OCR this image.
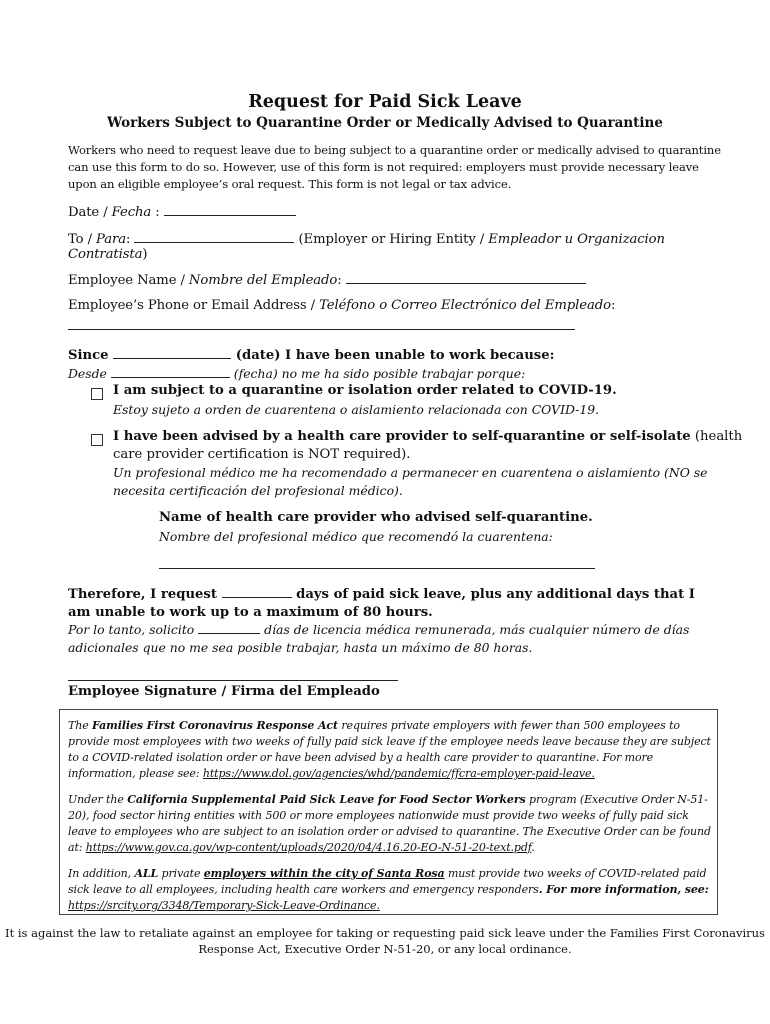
Request for Paid Sick Leave
Workers Subject to Quarantine Order or Medically Advised to Quarantine
Workers who need to request leave due to being subject to a quarantine order or medically advised to quarantine can use this form to do so. However, use of this form is not required: employers must provide necessary leave upon an eligible employee’s oral request. This form is not legal or tax advice.
Date / Fecha :
To / Para:	(Employer or Hiring Entity / Empleador u Organizacion
Contratista)
Employee Name / Nombre del Empleado:
Employee’s Phone or Email Address / Teléfono o Correo Electrónico del Empleado:
Since	(date) I have been unable to work because:
Desde	(fecha) no me ha sido posible trabajar porque:
I am subject to a quarantine or isolation order related to COVID-19.
Estoy sujeto a orden de cuarentena o aislamiento relacionada con COVID-19.
I have been advised by a health care provider to self-quarantine or self-isolate (health
care provider certification is NOT required).
Un profesional médico me ha recomendado a permanecer en cuarentena o aislamiento (NO se
necesita certificación del profesional médico).
Name of health care provider who advised self-quarantine.
Nombre del profesional médico que recomendó la cuarentena:
Therefore, I request	days of paid sick leave, plus any additional days that I am unable to work up to a maximum of 80 hours.
Por lo tanto, solicito	días de licencia médica remunerada, más cualquier número de días adicionales que no me sea posible trabajar, hasta un máximo de 80 horas.
Employee Signature / Firma del Empleado
The Families First Coronavirus Response Act requires private employers with fewer than 500 employees to provide most employees with two weeks of fully paid sick leave if the employee needs leave because they are subject to a COVID-related isolation order or have been advised by a health care provider to quarantine. For more information, please see: https://www.dol.gov/agencies/whd/pandemic/ffcra-employer-paid-leave.
Under the California Supplemental Paid Sick Leave for Food Sector Workers program (Executive Order N-51-20), food sector hiring entities with 500 or more employees nationwide must provide two weeks of fully paid sick leave to employees who are subject to an isolation order or advised to quarantine. The Executive Order can be found at: https://www.gov.ca.gov/wp-content/uploads/2020/04/4.16.20-EO-N-51-20-text.pdf.
In addition, ALL private employers within the city of Santa Rosa must provide two weeks of COVID-related paid sick leave to all employees, including health care workers and emergency responders. For more information, see: https://srcity.org/3348/Temporary-Sick-Leave-Ordinance.
It is against the law to retaliate against an employee for taking or requesting paid sick leave under the Families First Coronavirus Response Act, Executive Order N-51-20, or any local ordinance.
